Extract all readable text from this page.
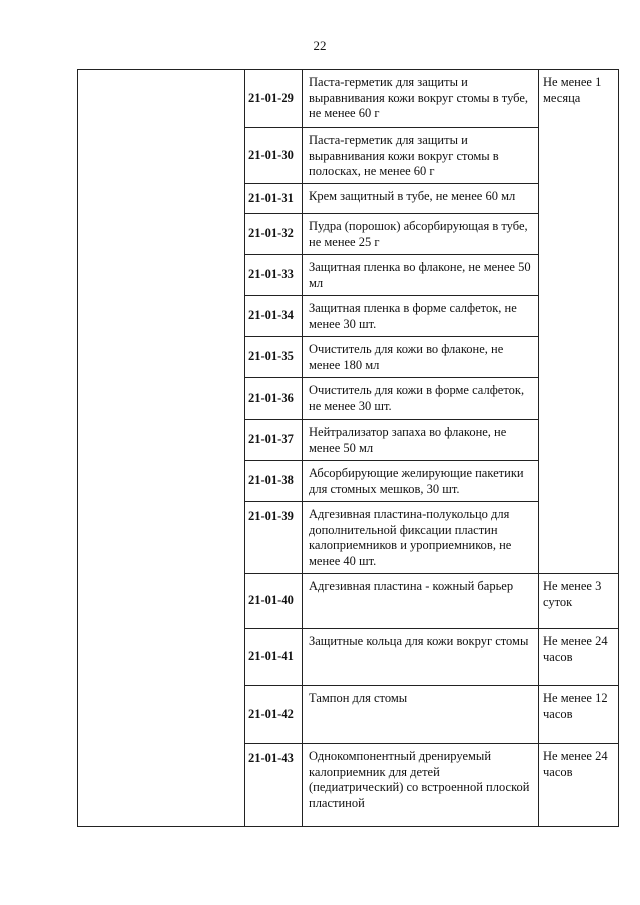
22
	21-01-29	Паста-герметик для защиты и выравнивания кожи вокруг стомы в тубе, не менее 60 г	Не менее 1 месяца
	21-01-30	Паста-герметик для защиты и выравнивания кожи вокруг стомы в полосках, не менее 60 г	
	21-01-31	Крем защитный в тубе, не менее 60 мл	
	21-01-32	Пудра (порошок) абсорбирующая в тубе, не менее 25 г	
	21-01-33	Защитная пленка во флаконе, не менее 50 мл	
	21-01-34	Защитная пленка в форме салфеток, не менее 30 шт.	
	21-01-35	Очиститель для кожи во флаконе, не менее 180 мл	
	21-01-36	Очиститель для кожи в форме салфеток, не менее 30 шт.	
	21-01-37	Нейтрализатор запаха во флаконе, не менее 50 мл	
	21-01-38	Абсорбирующие желирующие пакетики для стомных мешков, 30 шт.	
	21-01-39	Адгезивная пластина-полукольцо для дополнительной фиксации пластин калоприемников и уроприемников, не менее 40 шт.	
	21-01-40	Адгезивная пластина - кожный барьер	Не менее 3 суток
	21-01-41	Защитные кольца для кожи вокруг стомы	Не менее 24 часов
	21-01-42	Тампон для стомы	Не менее 12 часов
	21-01-43	Однокомпонентный дренируемый калоприемник для детей (педиатрический) со встроенной плоской пластиной	Не менее 24 часов
